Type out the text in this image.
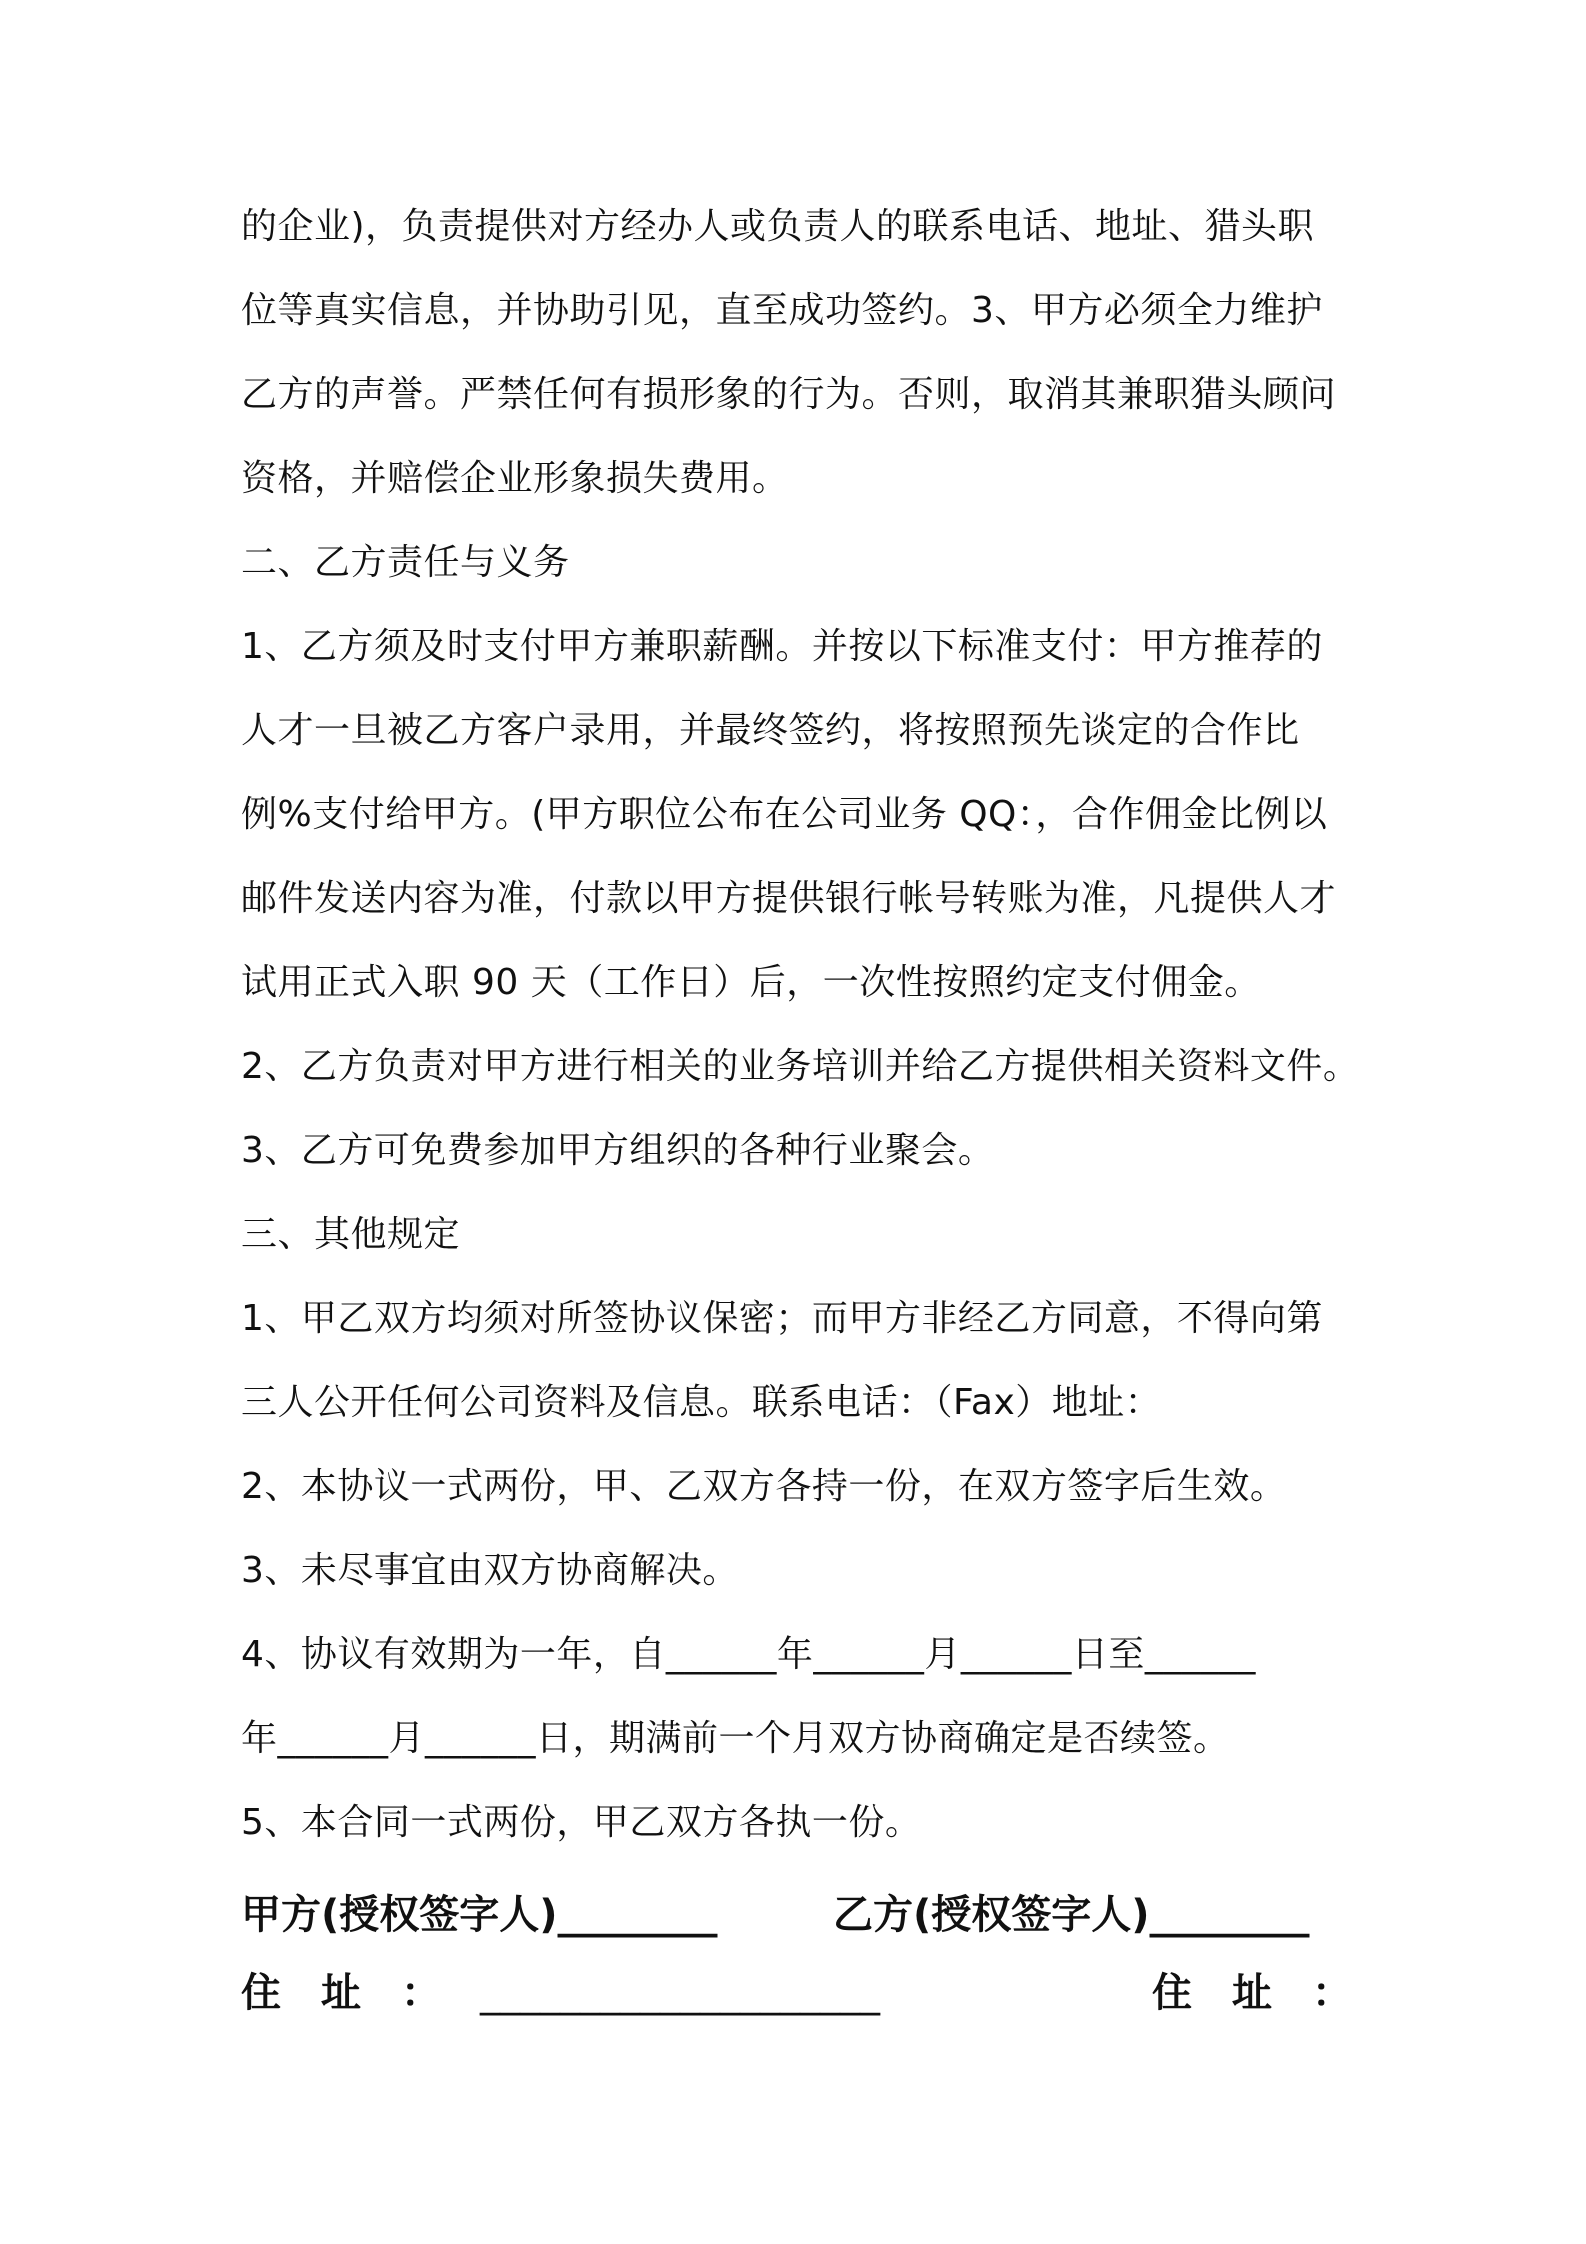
的企业)，负责提供对方经办人或负责人的联系电话、地址、猎头职
位等真实信息，并协助引见，直至成功签约。3、甲方必须全力维护
乙方的声誉。严禁任何有损形象的行为。否则，取消其兼职猎头顾问
资格，并赔偿企业形象损失费用。
二、乙方责任与义务
1、乙方须及时支付甲方兼职薪酬。并按以下标准支付：甲方推荐的
人才一旦被乙方客户录用，并最终签约，将按照预先谈定的合作比
例%支付给甲方。(甲方职位公布在公司业务 QQ：，合作佣金比例以
邮件发送内容为准，付款以甲方提供银行帐号转账为准，凡提供人才
试用正式入职 90 天（工作日）后，一次性按照约定支付佣金。
2、乙方负责对甲方进行相关的业务培训并给乙方提供相关资料文件。
3、乙方可免费参加甲方组织的各种行业聚会。
三、其他规定
1、甲乙双方均须对所签协议保密；而甲方非经乙方同意，不得向第
三人公开任何公司资料及信息。联系电话：（Fax）地址：
2、本协议一式两份，甲、乙双方各持一份，在双方签字后生效。
3、未尽事宜由双方协商解决。
4、协议有效期为一年，自______年______月______日至______
年______月______日，期满前一个月双方协商确定是否续签。
5、本合同一式两份，甲乙双方各执一份。
甲方(授权签字人)________	乙方(授权签字人)________
住　址　： ____________________	住　址　：
